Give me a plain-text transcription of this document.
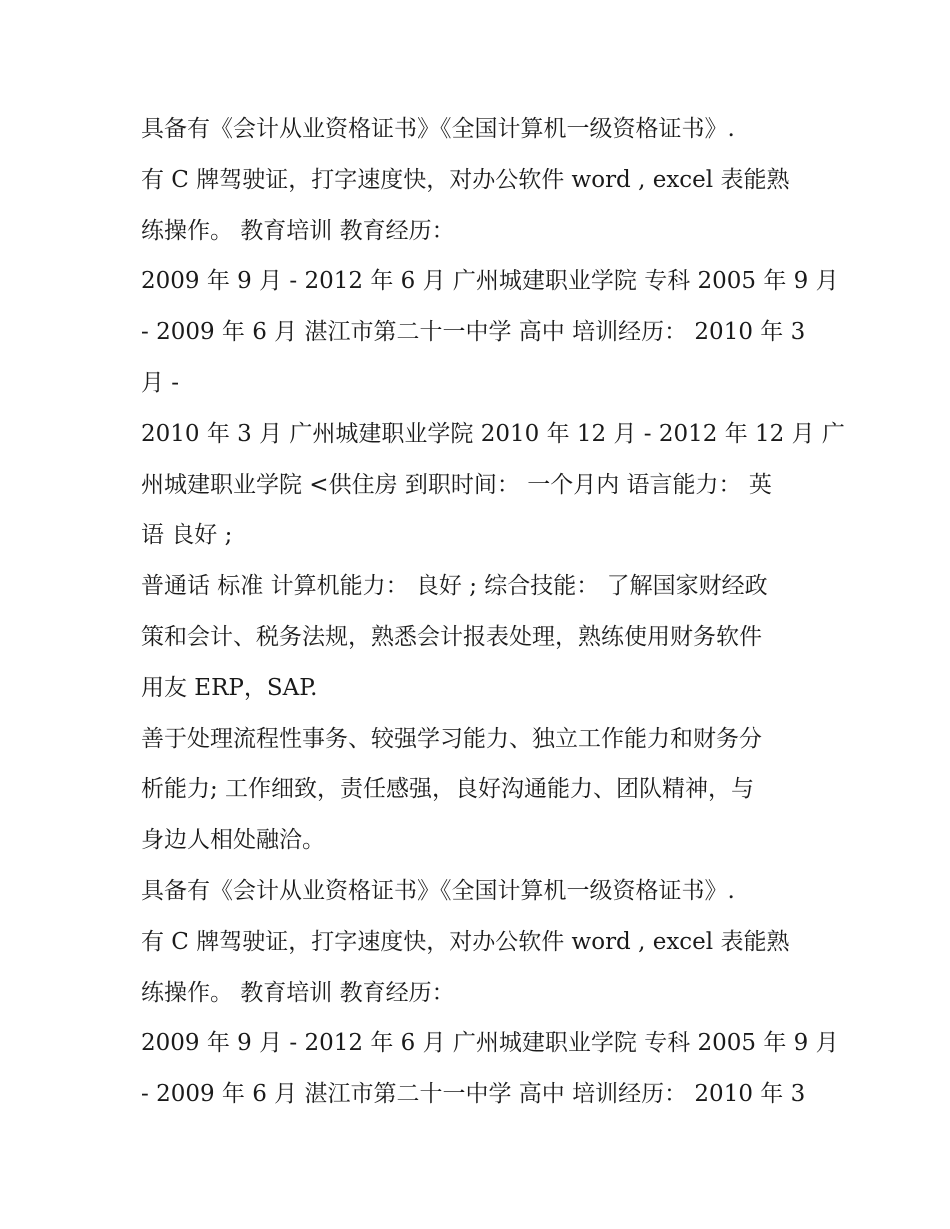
具备有《会计从业资格证书》《全国计算机一级资格证书》.
有 C 牌驾驶证，打字速度快，对办公软件 word , excel 表能熟
练操作。 教育培训 教育经历：
2009 年 9 月 - 2012 年 6 月 广州城建职业学院 专科 2005 年 9 月
- 2009 年 6 月 湛江市第二十一中学 高中 培训经历： 2010 年 3
月 -
2010 年 3 月 广州城建职业学院 2010 年 12 月 - 2012 年 12 月 广
州城建职业学院 <供住房 到职时间： 一个月内 语言能力： 英
语 良好 ;
普通话 标准 计算机能力： 良好 ; 综合技能： 了解国家财经政
策和会计、税务法规，熟悉会计报表处理，熟练使用财务软件
用友 ERP，SAP.
善于处理流程性事务、较强学习能力、独立工作能力和财务分
析能力; 工作细致，责任感强，良好沟通能力、团队精神，与
身边人相处融洽。
具备有《会计从业资格证书》《全国计算机一级资格证书》.
有 C 牌驾驶证，打字速度快，对办公软件 word , excel 表能熟
练操作。 教育培训 教育经历：
2009 年 9 月 - 2012 年 6 月 广州城建职业学院 专科 2005 年 9 月
- 2009 年 6 月 湛江市第二十一中学 高中 培训经历： 2010 年 3
